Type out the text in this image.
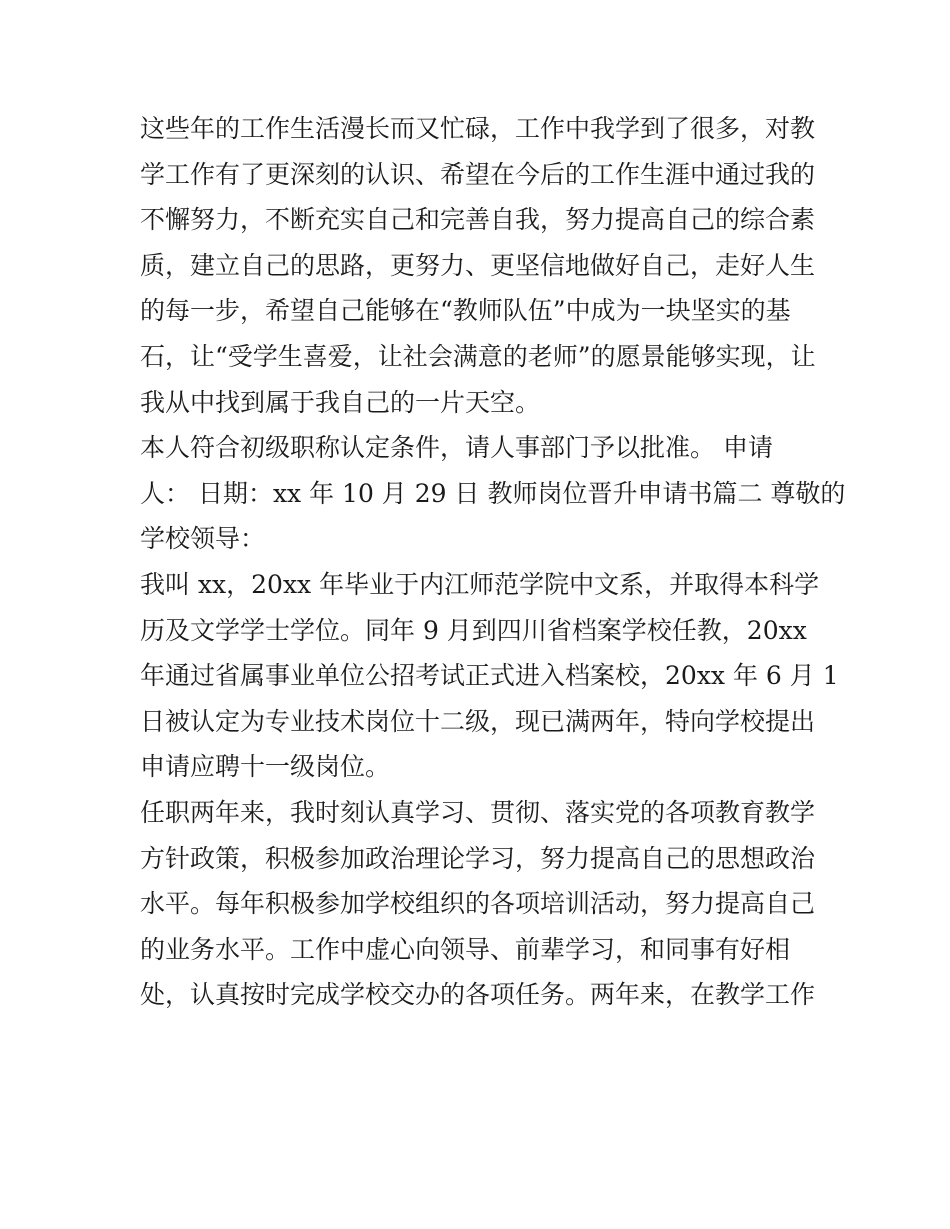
这些年的工作生活漫长而又忙碌，工作中我学到了很多，对教
学工作有了更深刻的认识、希望在今后的工作生涯中通过我的
不懈努力，不断充实自己和完善自我，努力提高自己的综合素
质，建立自己的思路，更努力、更坚信地做好自己，走好人生
的每一步，希望自己能够在“教师队伍”中成为一块坚实的基
石，让“受学生喜爱，让社会满意的老师”的愿景能够实现，让
我从中找到属于我自己的一片天空。
本人符合初级职称认定条件，请人事部门予以批准。 申请
人： 日期：xx 年 10 月 29 日 教师岗位晋升申请书篇二 尊敬的
学校领导：
我叫 xx，20xx 年毕业于内江师范学院中文系，并取得本科学
历及文学学士学位。同年 9 月到四川省档案学校任教，20xx
年通过省属事业单位公招考试正式进入档案校，20xx 年 6 月 1
日被认定为专业技术岗位十二级，现已满两年，特向学校提出
申请应聘十一级岗位。
任职两年来，我时刻认真学习、贯彻、落实党的各项教育教学
方针政策，积极参加政治理论学习，努力提高自己的思想政治
水平。每年积极参加学校组织的各项培训活动，努力提高自己
的业务水平。工作中虚心向领导、前辈学习，和同事有好相
处，认真按时完成学校交办的各项任务。两年来，在教学工作
